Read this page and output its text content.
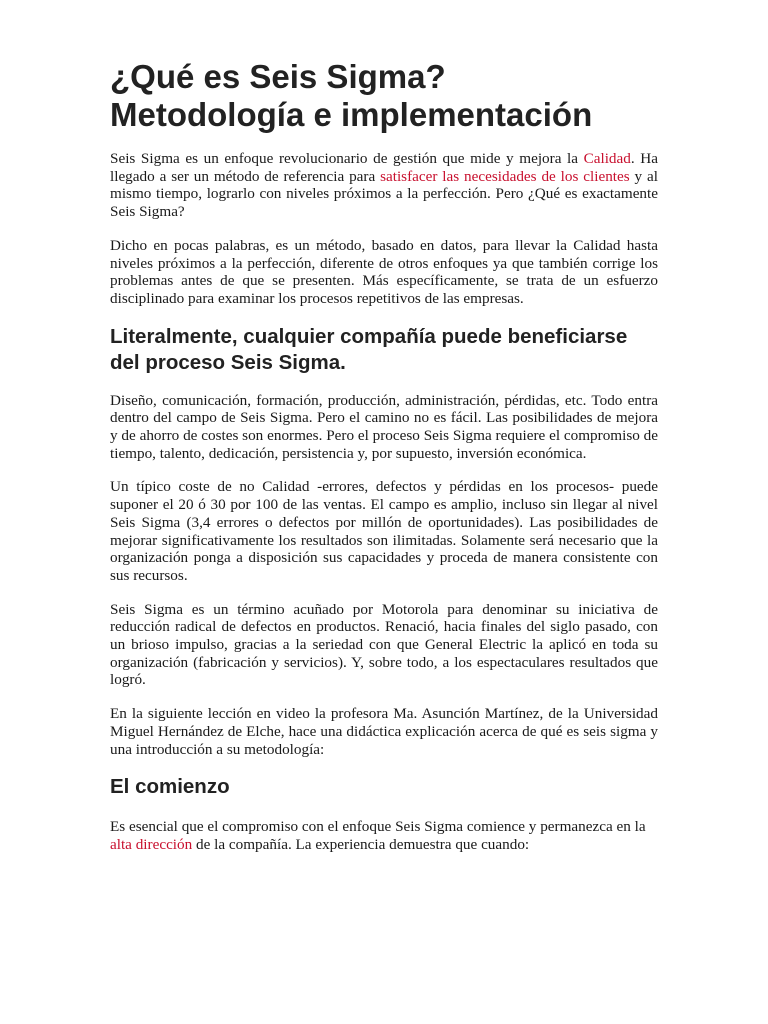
¿Qué es Seis Sigma?
Metodología e implementación

Seis Sigma es un enfoque revolucionario de gestión que mide y mejora la Calidad. Ha llegado a ser un método de referencia para satisfacer las necesidades de los clientes y al mismo tiempo, lograrlo con niveles próximos a la perfección. Pero ¿Qué es exactamente Seis Sigma?

Dicho en pocas palabras, es un método, basado en datos, para llevar la Calidad hasta niveles próximos a la perfección, diferente de otros enfoques ya que también corrige los problemas antes de que se presenten. Más específicamente, se trata de un esfuerzo disciplinado para examinar los procesos repetitivos de las empresas.

Literalmente, cualquier compañía puede beneficiarse del proceso Seis Sigma.

Diseño, comunicación, formación, producción, administración, pérdidas, etc. Todo entra dentro del campo de Seis Sigma. Pero el camino no es fácil. Las posibilidades de mejora y de ahorro de costes son enormes. Pero el proceso Seis Sigma requiere el compromiso de tiempo, talento, dedicación, persistencia y, por supuesto, inversión económica.

Un típico coste de no Calidad -errores, defectos y pérdidas en los procesos- puede suponer el 20 ó 30 por 100 de las ventas. El campo es amplio, incluso sin llegar al nivel Seis Sigma (3,4 errores o defectos por millón de oportunidades). Las posibilidades de mejorar significativamente los resultados son ilimitadas. Solamente será necesario que la organización ponga a disposición sus capacidades y proceda de manera consistente con sus recursos.

Seis Sigma es un término acuñado por Motorola para denominar su iniciativa de reducción radical de defectos en productos. Renació, hacia finales del siglo pasado, con un brioso impulso, gracias a la seriedad con que General Electric la aplicó en toda su organización (fabricación y servicios). Y, sobre todo, a los espectaculares resultados que logró.

En la siguiente lección en video la profesora Ma. Asunción Martínez, de la Universidad Miguel Hernández de Elche, hace una didáctica explicación acerca de qué es seis sigma y una introducción a su metodología:

El comienzo

Es esencial que el compromiso con el enfoque Seis Sigma comience y permanezca en la alta dirección de la compañía. La experiencia demuestra que cuando:
